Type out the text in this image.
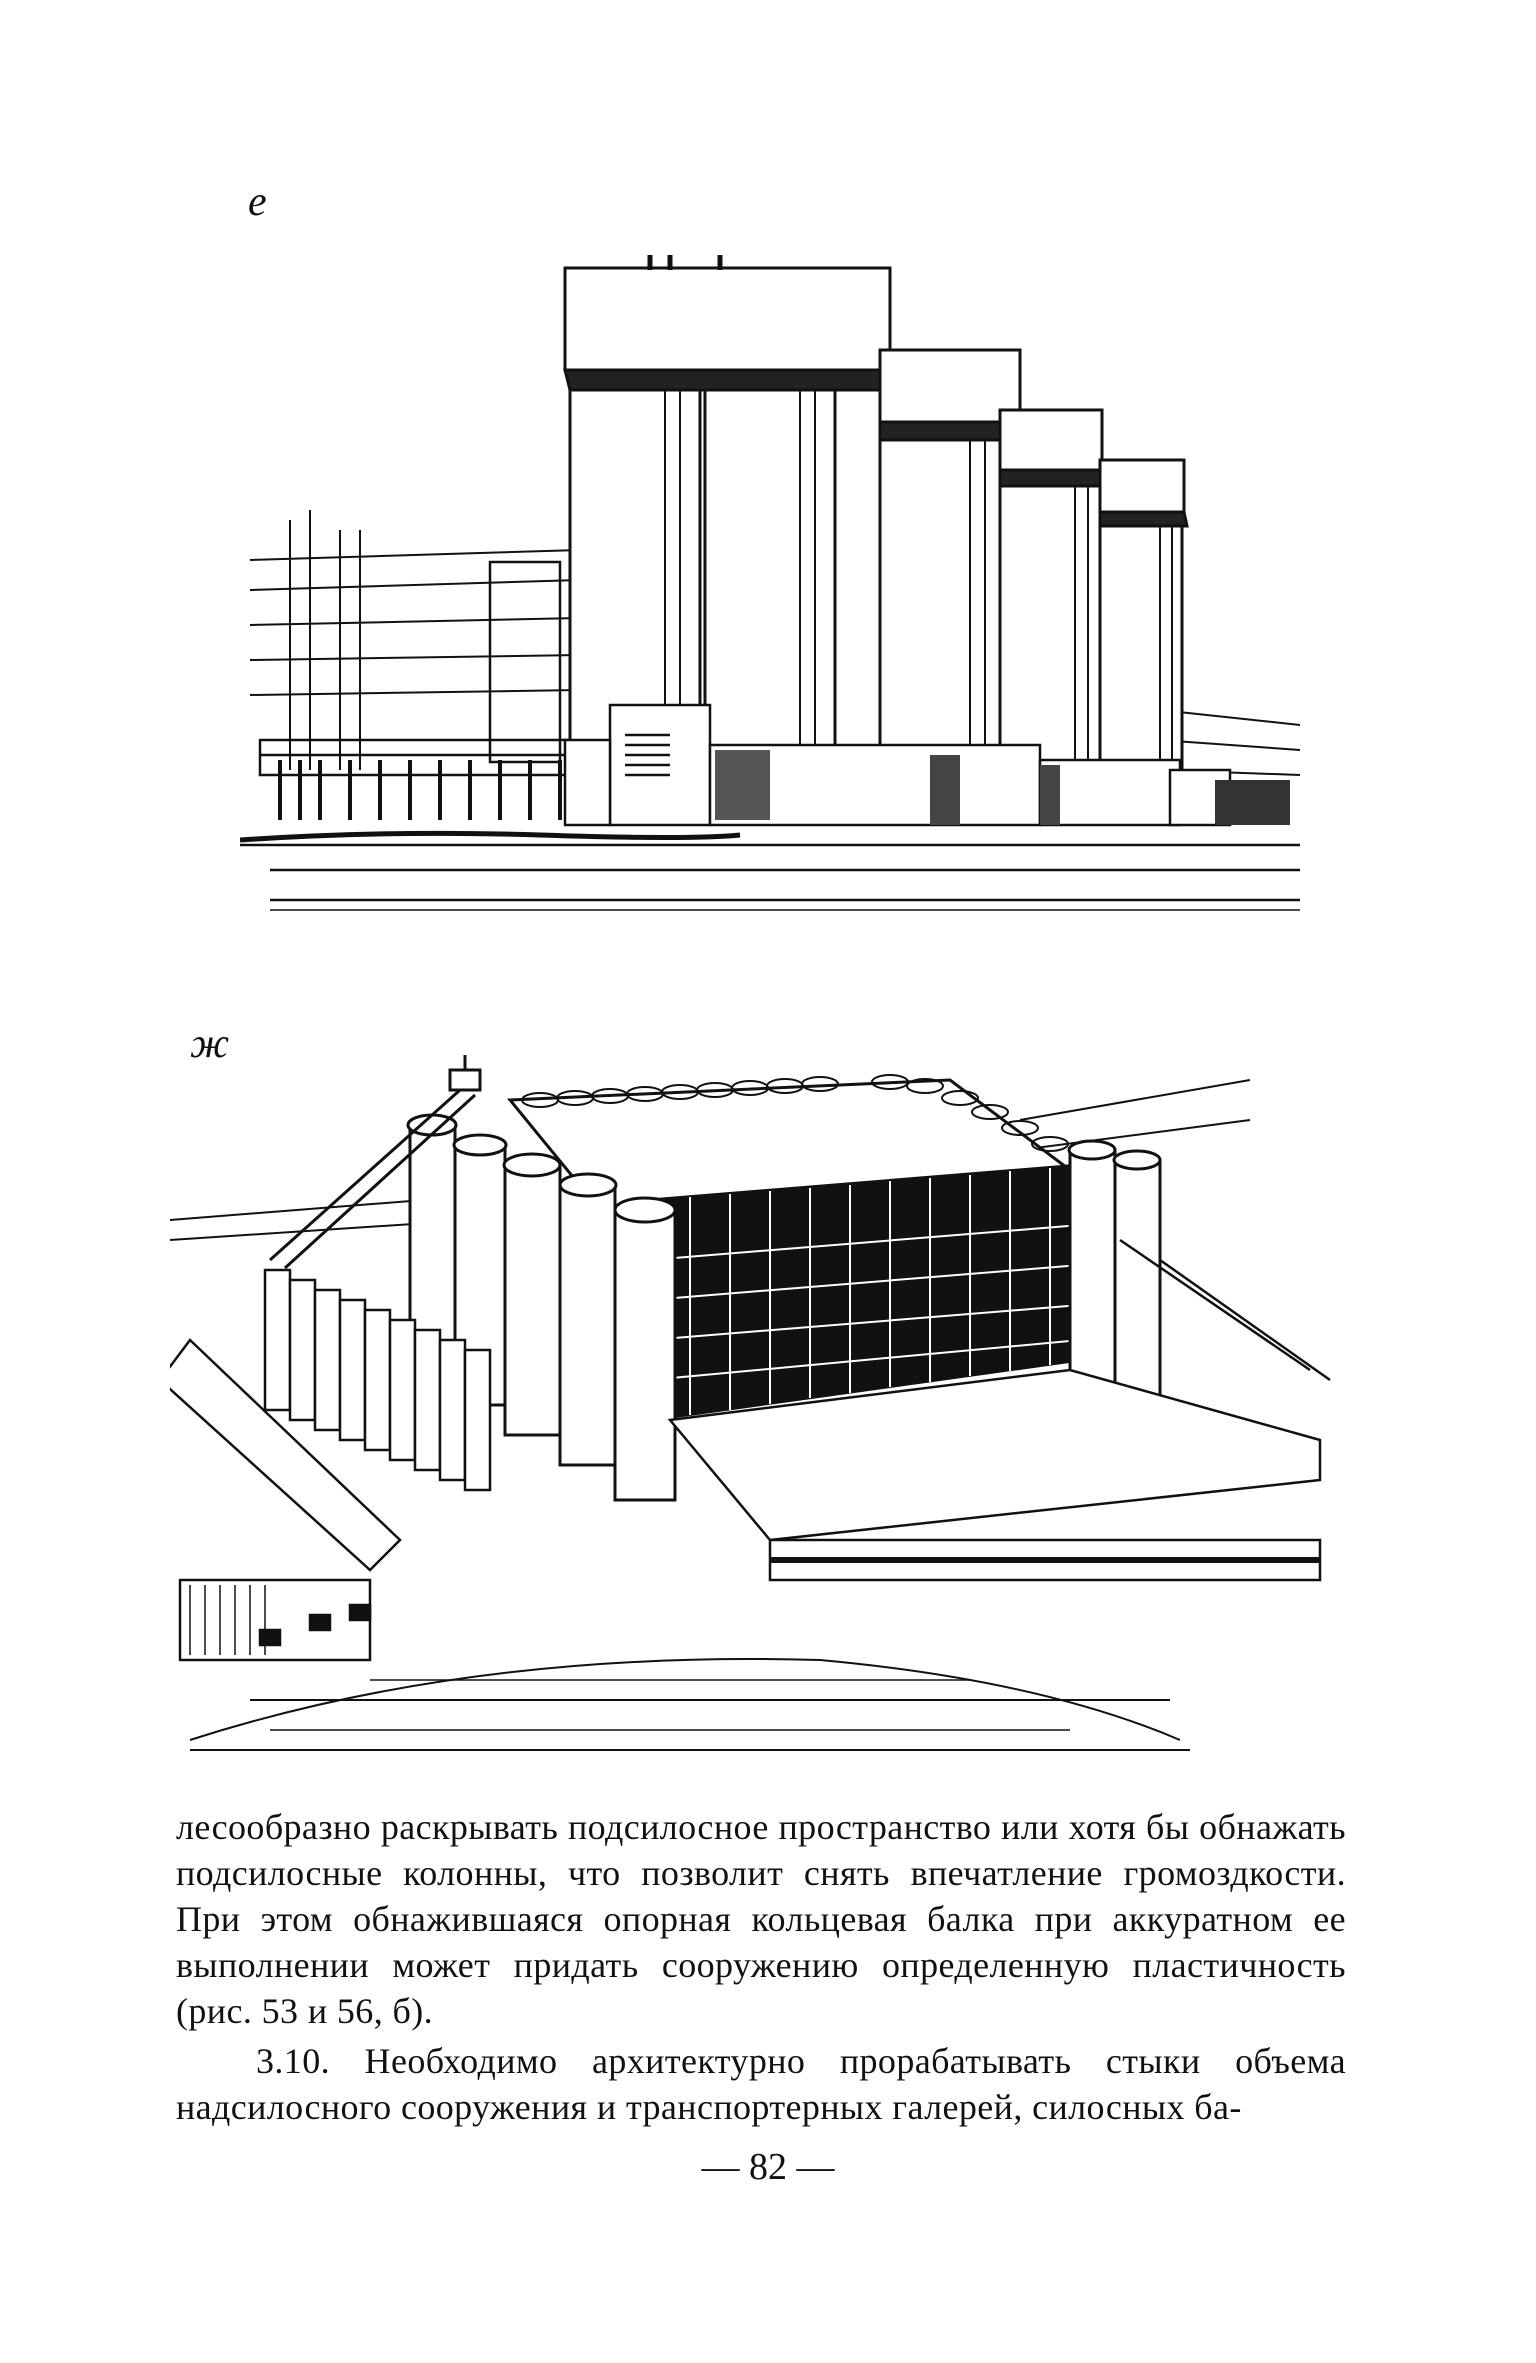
е
ж

лесообразно раскрывать подсилосное пространство или хотя бы обнажать подсилосные колонны, что позволит снять впечатление громоздкости. При этом обнажившаяся опорная кольцевая балка при аккуратном ее выполнении может придать сооружению определенную пластичность (рис. 53 и 56, б).

3.10. Необходимо архитектурно прорабатывать стыки объема надсилосного сооружения и транспортерных галерей, силосных ба-

— 82 —
